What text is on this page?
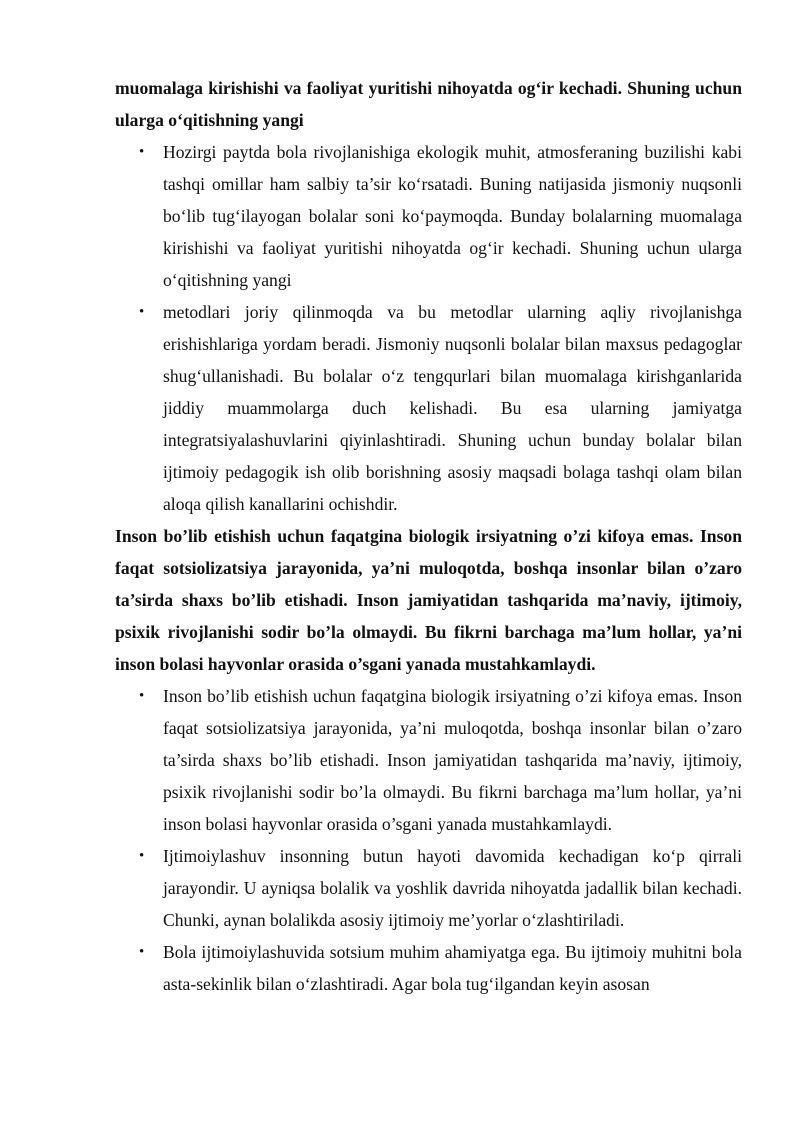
muomalaga kirishishi va faoliyat yuritishi nihoyatda og‘ir kechadi. Shuning uchun ularga o‘qitishning yangi

• Hozirgi paytda bola rivojlanishiga ekologik muhit, atmosferaning buzilishi kabi tashqi omillar ham salbiy ta’sir ko‘rsatadi. Buning natijasida jismoniy nuqsonli bo‘lib tug‘ilayogan bolalar soni ko‘paymoqda. Bunday bolalarning muomalaga kirishishi va faoliyat yuritishi nihoyatda og‘ir kechadi. Shuning uchun ularga o‘qitishning yangi
• metodlari joriy qilinmoqda va bu metodlar ularning aqliy rivojlanishga erishishlariga yordam beradi. Jismoniy nuqsonli bolalar bilan maxsus pedagoglar shug‘ullanishadi. Bu bolalar o‘z tengqurlari bilan muomalaga kirishganlarida jiddiy muammolarga duch kelishadi. Bu esa ularning jamiyatga integratsiyalashuvlarini qiyinlashtiradi. Shuning uchun bunday bolalar bilan ijtimoiy pedagogik ish olib borishning asosiy maqsadi bolaga tashqi olam bilan aloqa qilish kanallarini ochishdir.

Inson bo’lib etishish uchun faqatgina biologik irsiyatning o’zi kifoya emas. Inson faqat sotsiolizatsiya jarayonida, ya’ni muloqotda, boshqa insonlar bilan o’zaro ta’sirda shaxs bo’lib etishadi. Inson jamiyatidan tashqarida ma’naviy, ijtimoiy, psixik rivojlanishi sodir bo’la olmaydi. Bu fikrni barchaga ma’lum hollar, ya’ni inson bolasi hayvonlar orasida o’sgani yanada mustahkamlaydi.

• Inson bo’lib etishish uchun faqatgina biologik irsiyatning o’zi kifoya emas. Inson faqat sotsiolizatsiya jarayonida, ya’ni muloqotda, boshqa insonlar bilan o’zaro ta’sirda shaxs bo’lib etishadi. Inson jamiyatidan tashqarida ma’naviy, ijtimoiy, psixik rivojlanishi sodir bo’la olmaydi. Bu fikrni barchaga ma’lum hollar, ya’ni inson bolasi hayvonlar orasida o’sgani yanada mustahkamlaydi.
• Ijtimoiylashuv insonning butun hayoti davomida kechadigan ko‘p qirrali jarayondir. U ayniqsa bolalik va yoshlik davrida nihoyatda jadallik bilan kechadi. Chunki, aynan bolalikda asosiy ijtimoiy me’yorlar o‘zlashtiriladi.
• Bola ijtimoiylashuvida sotsium muhim ahamiyatga ega. Bu ijtimoiy muhitni bola asta-sekinlik bilan o‘zlashtiradi. Agar bola tug‘ilgandan keyin asosan
